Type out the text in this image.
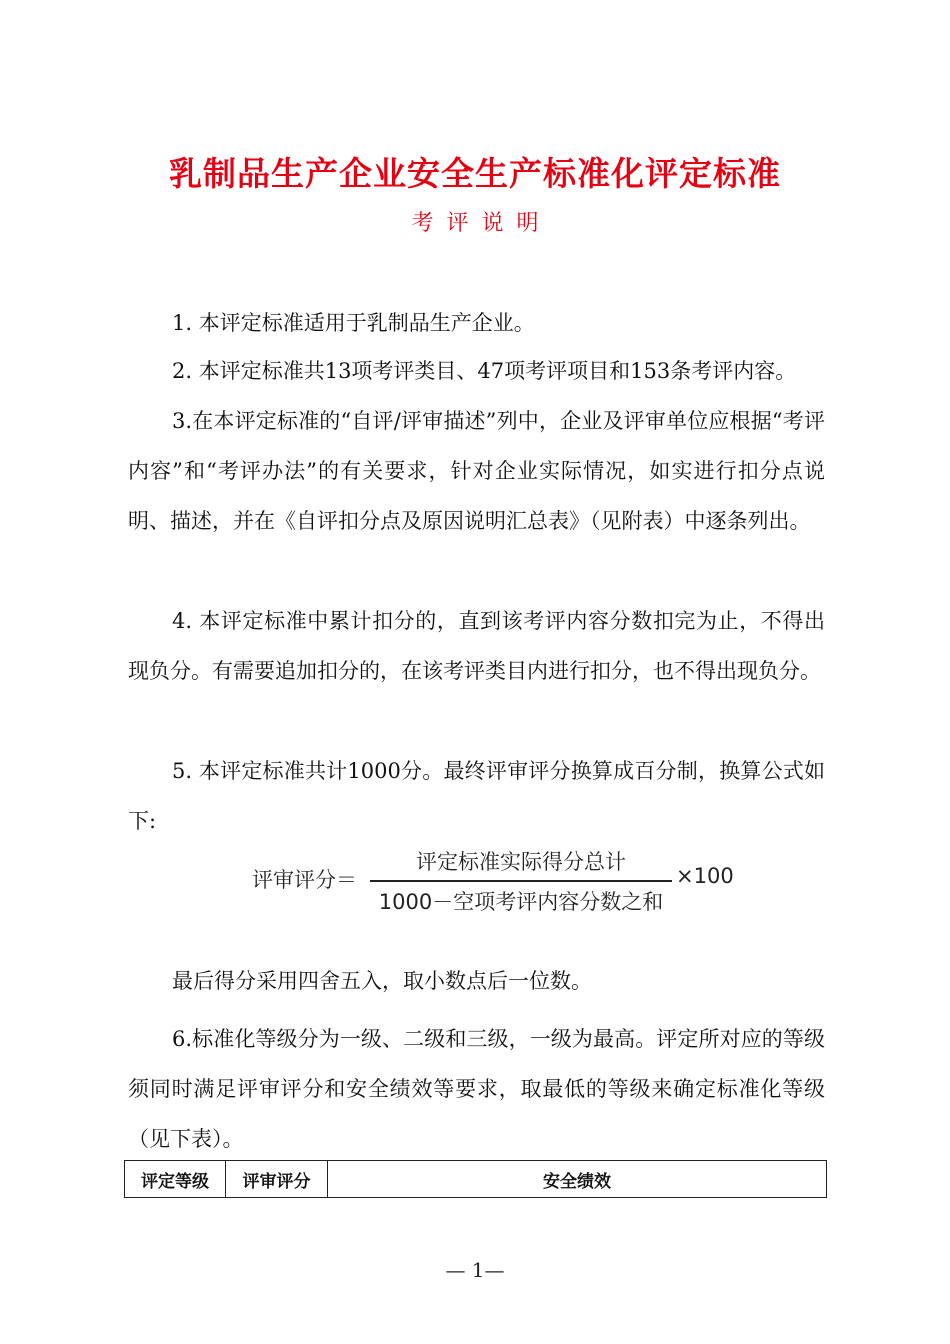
乳制品生产企业安全生产标准化评定标准
考评说明

1. 本评定标准适用于乳制品生产企业。

2. 本评定标准共13项考评类目、47项考评项目和153条考评内容。

3.在本评定标准的“自评/评审描述”列中，企业及评审单位应根据“考评内容”和“考评办法”的有关要求，针对企业实际情况，如实进行扣分点说明、描述，并在《自评扣分点及原因说明汇总表》（见附表）中逐条列出。

4. 本评定标准中累计扣分的，直到该考评内容分数扣完为止，不得出现负分。有需要追加扣分的，在该考评类目内进行扣分，也不得出现负分。

5. 本评定标准共计1000分。最终评审评分换算成百分制，换算公式如下:

评审评分＝
评定标准实际得分总计
1000－空项考评内容分数之和
×100

最后得分采用四舍五入，取小数点后一位数。

6.标准化等级分为一级、二级和三级，一级为最高。评定所对应的等级须同时满足评审评分和安全绩效等要求，取最低的等级来确定标准化等级（见下表）。

评定等级	评审评分	安全绩效
— 1—
